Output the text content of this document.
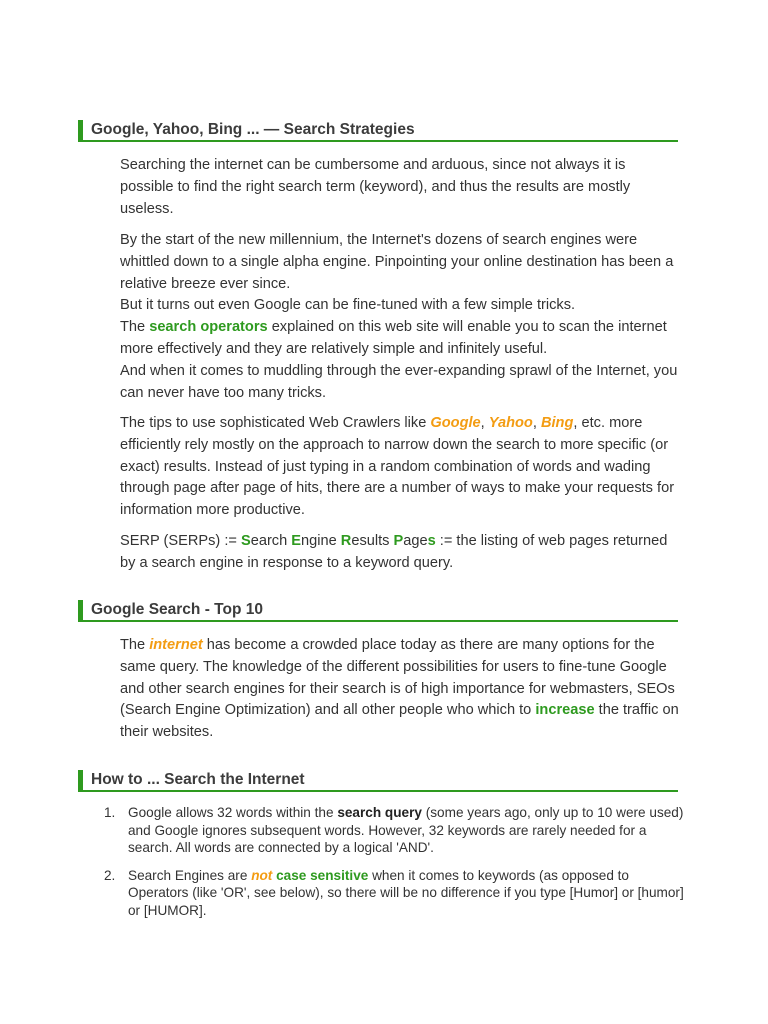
Google, Yahoo, Bing ... — Search Strategies

Searching the internet can be cumbersome and arduous, since not always it is possible to find the right search term (keyword), and thus the results are mostly useless.

By the start of the new millennium, the Internet's dozens of search engines were whittled down to a single alpha engine. Pinpointing your online destination has been a relative breeze ever since.
But it turns out even Google can be fine-tuned with a few simple tricks.
The search operators explained on this web site will enable you to scan the internet more effectively and they are relatively simple and infinitely useful.
And when it comes to muddling through the ever-expanding sprawl of the Internet, you can never have too many tricks.

The tips to use sophisticated Web Crawlers like Google, Yahoo, Bing, etc. more efficiently rely mostly on the approach to narrow down the search to more specific (or exact) results. Instead of just typing in a random combination of words and wading through page after page of hits, there are a number of ways to make your requests for information more productive.

SERP (SERPs) := Search Engine Results Pages := the listing of web pages returned by a search engine in response to a keyword query.

Google Search - Top 10

The internet has become a crowded place today as there are many options for the same query. The knowledge of the different possibilities for users to fine-tune Google and other search engines for their search is of high importance for webmasters, SEOs (Search Engine Optimization) and all other people who which to increase the traffic on their websites.

How to ... Search the Internet
1. Google allows 32 words within the search query (some years ago, only up to 10 were used) and Google ignores subsequent words. However, 32 keywords are rarely needed for a search. All words are connected by a logical 'AND'.
2. Search Engines are not case sensitive when it comes to keywords (as opposed to Operators (like 'OR', see below), so there will be no difference if you type [Humor] or [humor] or [HUMOR].
